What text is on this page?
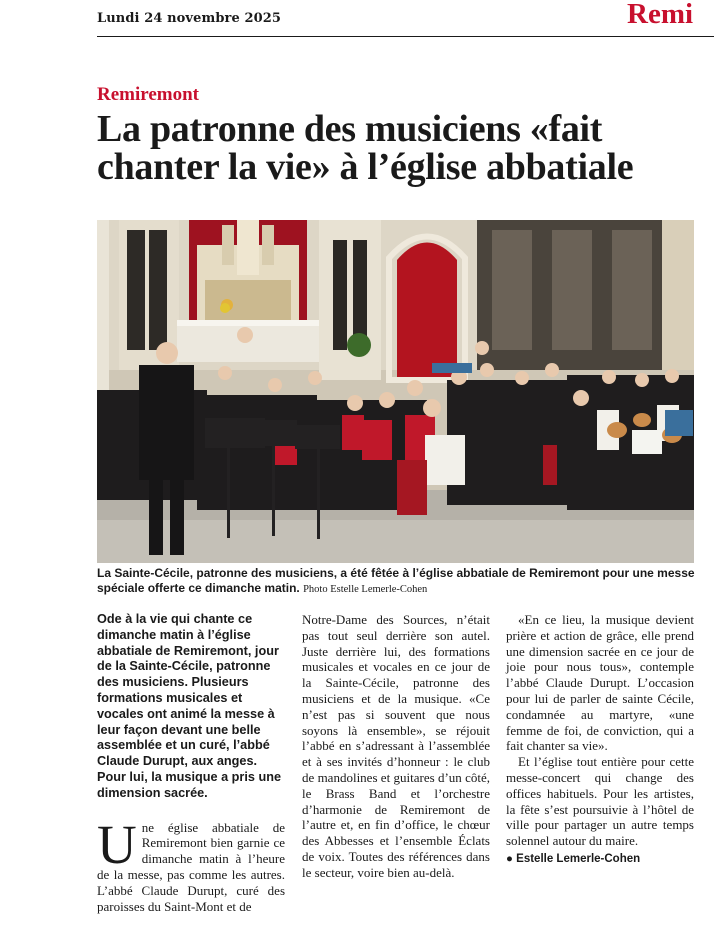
Lundi 24 novembre 2025	Remi
Remiremont
La patronne des musiciens «fait chanter la vie» à l’église abbatiale
La Sainte-Cécile, patronne des musiciens, a été fêtée à l’église abbatiale de Remiremont pour une messe spéciale offerte ce dimanche matin. Photo Estelle Lemerle-Cohen

Ode à la vie qui chante ce dimanche matin à l’église abbatiale de Remiremont, jour de la Sainte-Cécile, patronne des musiciens. Plusieurs formations musicales et vocales ont animé la messe à leur façon devant une belle assemblée et un curé, l’abbé Claude Durupt, aux anges. Pour lui, la musique a pris une dimension sacrée.

Une église abbatiale de Remiremont bien garnie ce dimanche matin à l’heure de la messe, pas comme les autres. L’abbé Claude Durupt, curé des paroisses du Saint-Mont et de

Notre-Dame des Sources, n’était pas tout seul derrière son autel. Juste derrière lui, des formations musicales et vocales en ce jour de la Sainte-Cécile, patronne des musiciens et de la musique. «Ce n’est pas si souvent que nous soyons là ensemble», se réjouit l’abbé en s’adressant à l’assemblée et à ses invités d’honneur : le club de mandolines et guitares d’un côté, le Brass Band et l’orchestre d’harmonie de Remiremont de l’autre et, en fin d’office, le chœur des Abbesses et l’ensemble Éclats de voix. Toutes des références dans le secteur, voire bien au-delà.

«En ce lieu, la musique devient prière et action de grâce, elle prend une dimension sacrée en ce jour de joie pour nous tous», contemple l’abbé Claude Durupt. L’occasion pour lui de parler de sainte Cécile, condamnée au martyre, «une femme de foi, de conviction, qui a fait chanter sa vie».

Et l’église tout entière pour cette messe-concert qui change des offices habituels. Pour les artistes, la fête s’est poursuivie à l’hôtel de ville pour partager un autre temps solennel autour du maire.

● Estelle Lemerle-Cohen
